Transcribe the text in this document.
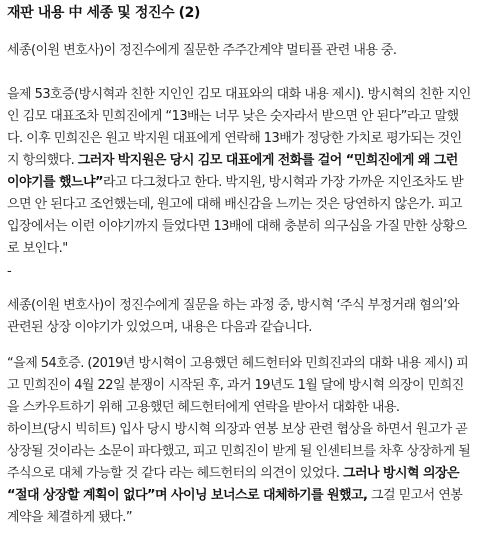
재판 내용 中 세종 및 정진수 (2)

세종(이원 변호사)이 정진수에게 질문한 주주간계약 멀티플 관련 내용 중.

을제 53호증(방시혁과 친한 지인인 김모 대표와의 대화 내용 제시). 방시혁의 친한 지인인 김모 대표조차 민희진에게 “13배는 너무 낮은 숫자라서 받으면 안 된다”라고 말했다. 이후 민희진은 원고 박지원 대표에게 연락해 13배가 정당한 가치로 평가되는 것인지 항의했다. 그러자 박지원은 당시 김모 대표에게 전화를 걸어 “민희진에게 왜 그런 이야기를 했느냐”라고 다그쳤다고 한다. 박지원, 방시혁과 가장 가까운 지인조차도 받으면 안 된다고 조언했는데, 원고에 대해 배신감을 느끼는 것은 당연하지 않은가. 피고 입장에서는 이런 이야기까지 들었다면 13배에 대해 충분히 의구심을 가질 만한 상황으로 보인다."

-

세종(이원 변호사)이 정진수에게 질문을 하는 과정 중, 방시혁 ‘주식 부정거래 혐의’와 관련된 상장 이야기가 있었으며, 내용은 다음과 같습니다.

“을제 54호증. (2019년 방시혁이 고용했던 헤드헌터와 민희진과의 대화 내용 제시) 피고 민희진이 4월 22일 분쟁이 시작된 후, 과거 19년도 1월 달에 방시혁 의장이 민희진을 스카우트하기 위해 고용했던 헤드헌터에게 연락을 받아서 대화한 내용.
하이브(당시 빅히트) 입사 당시 방시혁 의장과 연봉 보상 관련 협상을 하면서 원고가 곧 상장될 것이라는 소문이 파다했고, 피고 민희진이 받게 될 인센티브를 차후 상장하게 될 주식으로 대체 가능할 것 같다 라는 헤드헌터의 의견이 있었다. 그러나 방시혁 의장은 “절대 상장할 계획이 없다”며 사이닝 보너스로 대체하기를 원했고, 그걸 믿고서 연봉 계약을 체결하게 됐다.”
